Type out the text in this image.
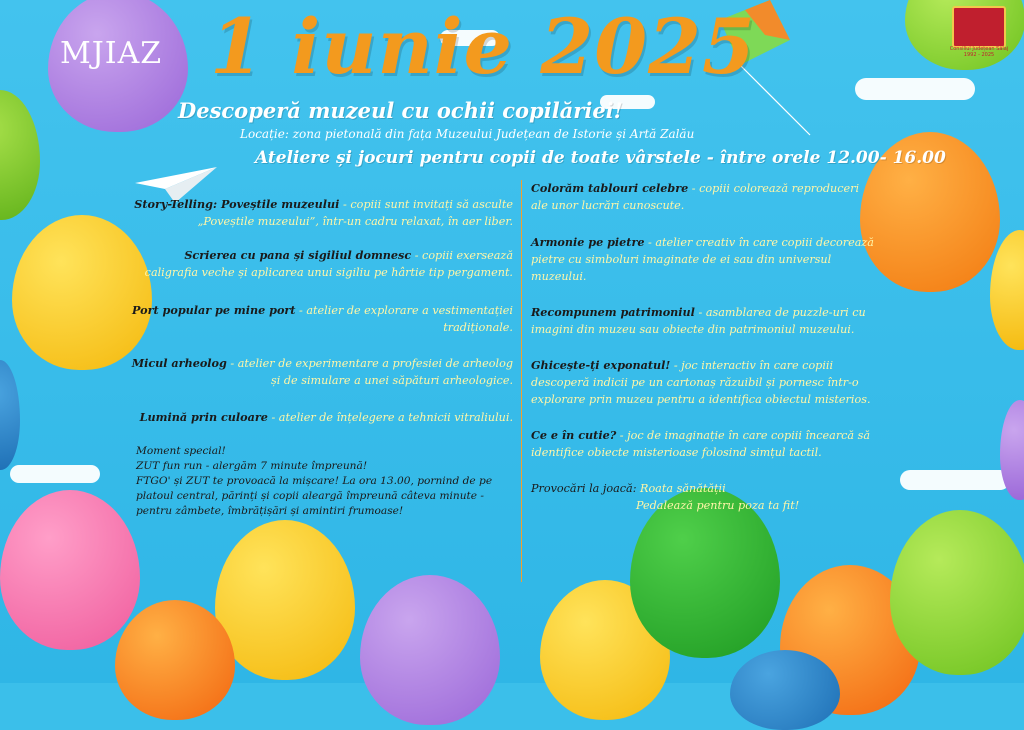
Consiliul Județean Sălaj 1992 - 2025
MJIAZ 1 iunie 2025
Descoperă muzeul cu ochii copilăriei!
Locație: zona pietonală din fața Muzeului Județean de Istorie și Artă Zalău
Ateliere și jocuri pentru copii de toate vârstele - între orele 12.00- 16.00
Story-Telling: Poveștile muzeului - copiii sunt invitați să asculte „Poveștile muzeului”, într-un cadru relaxat, în aer liber.
Scrierea cu pana și sigiliul domnesc - copiii exersează caligrafia veche și aplicarea unui sigiliu pe hârtie tip pergament.
Port popular pe mine port - atelier de explorare a vestimentației tradiționale.
Micul arheolog - atelier de experimentare a profesiei de arheolog și de simulare a unei săpături arheologice.
Lumină prin culoare - atelier de înțelegere a tehnicii vitraliului.
Moment special!
ZUT fun run - alergăm 7 minute împreună!
FTGO' și ZUT te provoacă la mișcare! La ora 13.00, pornind de pe platoul central, părinți și copii aleargă împreună câteva minute - pentru zâmbete, îmbrățișări și amintiri frumoase!
Colorăm tablouri celebre - copiii colorează reproduceri ale unor lucrări cunoscute.
Armonie pe pietre - atelier creativ în care copiii decorează pietre cu simboluri imaginate de ei sau din universul muzeului.
Recompunem patrimoniul - asamblarea de puzzle-uri cu imagini din muzeu sau obiecte din patrimoniul muzeului.
Ghicește-ți exponatul! - joc interactiv în care copiii descoperă indicii pe un cartonaș răzuibil și pornesc într-o explorare prin muzeu pentru a identifica obiectul misterios.
Ce e în cutie? - joc de imaginație în care copiii încearcă să identifice obiecte misterioase folosind simțul tactil.
Provocări la joacă: Roata sănătății
Pedalează pentru poza ta fit!
